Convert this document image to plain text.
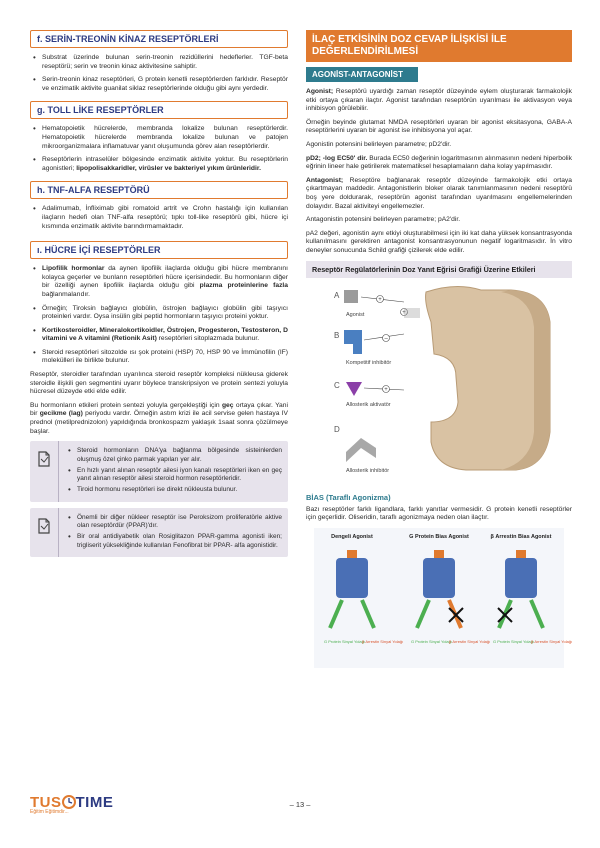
f. SERİN-TREONİN KİNAZ RESEPTÖRLERİ
• Substrat üzerinde bulunan serin-treonin rezidüllerini hedeflerler. TGF-beta reseptörü; serin ve treonin kinaz aktivitesine sahiptir.
• Serin-treonin kinaz reseptörleri, G protein kenetli reseptörlerden farklıdır. Reseptör ve enzimatik aktivite guanilat siklaz reseptörlerinde olduğu gibi aynı yerdedir.
g. TOLL LİKE RESEPTÖRLER
• Hematopoietik hücrelerde, membranda lokalize bulunan reseptörlerdir. Hematopoietik hücrelerde membranda lokalize bulunan ve patojen mikroorganizmalara inflamatuvar yanıt oluşumunda görev alan reseptörlerdir.
• Reseptörlerin intraselüler bölgesinde enzimatik aktivite yoktur. Bu reseptörlerin agonistleri; lipopolisakkaridler, virüsler ve bakteriyel yıkım ürünleridir.
h. TNF-ALFA RESEPTÖRÜ
• Adalimumab, İnfliximab gibi romatoid artrit ve Crohn hastalığı için kullanılan ilaçların hedefi olan TNF-alfa reseptörü; tıpkı toll-like reseptörü gibi, hücre içi kısmında enzimatik aktivite barındırmamaktadır.
ı. HÜCRE İÇİ RESEPTÖRLER
• Lipofilik hormonlar da aynen lipofilik ilaçlarda olduğu gibi hücre membranını kolayca geçerler ve bunların reseptörleri hücre içerisindedir. Bu hormonların diğer bir özelliği aynen lipofilik ilaçlarda olduğu gibi plazma proteinlerine fazla bağlanmalarıdır.
• Örneğin; Tiroksin bağlayıcı globülin, östrojen bağlayıcı globülin gibi taşıyıcı proteinleri vardır. Oysa insülin gibi peptid hormonların taşıyıcı proteini yoktur.
• Kortikosteroidler, Mineralokortikoidler, Östrojen, Progesteron, Testosteron, D vitamini ve A vitamini (Retionik Asit) reseptörleri sitoplazmada bulunur.
• Steroid reseptörleri sitozolde ısı şok proteini (HSP) 70, HSP 90 ve İmmünofilin (IF) molekülleri ile birlikte bulunur.
Reseptör, steroidler tarafından uyarılınca steroid reseptör kompleksi nükleusa giderek steroidle ilişkili gen segmentini uyarır böylece transkripsiyon ve protein sentezi yoluyla hücresel düzeyde etki elde edilir.
Bu hormonların etkileri protein sentezi yoluyla gerçekleştiği için geç ortaya çıkar. Yani bir gecikme (lag) periyodu vardır. Örneğin astım krizi ile acil servise gelen hastaya IV prednol (metilprednizolon) yapıldığında bronkospazm yaklaşık 1saat sonra çözülmeye başlar.
• Steroid hormonların DNA'ya bağlanma bölgesinde sisteinlerden oluşmuş özel çinko parmak yapıları yer alır.
• En hızlı yanıt alınan reseptör ailesi iyon kanalı reseptörleri iken en geç yanıt alınan reseptör ailesi steroid hormon reseptörleridir.
• Tiroid hormonu reseptörleri ise direkt nükleusta bulunur.
• Önemli bir diğer nükleer reseptör ise Peroksizom proliferatörle aktive olan reseptördür (PPAR)'dır.
• Bir oral antidiyabetik olan Rosiglitazon PPAR-gamma agonisti iken; trigliserit yüksekliğinde kullanılan Fenofibrat bir PPAR- alfa agonistidir.
İLAÇ ETKİSİNİN DOZ CEVAP İLİŞKİSİ İLE DEĞERLENDİRİLMESİ
AGONİST-ANTAGONİST
Agonist; Reseptörü uyardığı zaman reseptör düzeyinde eylem oluşturarak farmakolojik etki ortaya çıkaran ilaçtır. Agonist tarafından reseptörün uyarılması ile aktivasyon veya inhibisyon görülebilir.
Örneğin beyinde glutamat NMDA reseptörleri uyaran bir agonist eksitasyona, GABA-A reseptörlerini uyaran bir agonist ise inhibisyona yol açar.
Agonistin potensini belirleyen parametre; pD2'dir.
pD2; -log EC50' dir. Burada EC50 değerinin logaritmasının alınmasının nedeni hiperbolik eğrinin lineer hale getirilerek matematiksel hesaplamaların daha kolay yapılmasıdır.
Antagonist; Reseptöre bağlanarak reseptör düzeyinde farmakolojik etki ortaya çıkartmayan maddedir. Antagonistlerin bloker olarak tanımlanmasının nedeni reseptörü boş yere doldurarak, reseptörün agonist tarafından uyarılmasını engellemelerinden dolayıdır. Bazal aktiviteyi engellemezler.
Antagonistin potensini belirleyen parametre; pA2'dir.
pA2 değeri, agonistin aynı etkiyi oluşturabilmesi için iki kat daha yüksek konsantrasyonda kullanılmasını gerektiren antagonist konsantrasyonunun negatif logaritmasıdır. İn vitro deneyler sonucunda Schild grafiği çizilerek elde edilir.
Reseptör Regülatörlerinin Doz Yanıt Eğrisi Grafiği Üzerine Etkileri
A
Agonist
+
+
B
Kompetitif inhibitör
–
C
Allosterik aktivatör
+
D
Allosterik inhibitör
BİAS (Taraflı Agonizma)
Bazı reseptörler farklı ligandlara, farklı yanıtlar vermesidir. G protein kenetli reseptörler için geçerlidir. Oliseridin, taraflı agonizmaya neden olan ilaçtır.
Dengeli Agonist
G Protein Sinyal Yolağı
β Arrestin Sinyal Yolağı
G Protein Bias Agonist
G Protein Sinyal Yolağı
β Arrestin Sinyal Yolağı
β Arrestin Bias Agonist
G Protein Sinyal Yolağı
β Arrestin Sinyal Yolağı
TUS TIME
Eğitim Eğitimdir...
– 13 –
